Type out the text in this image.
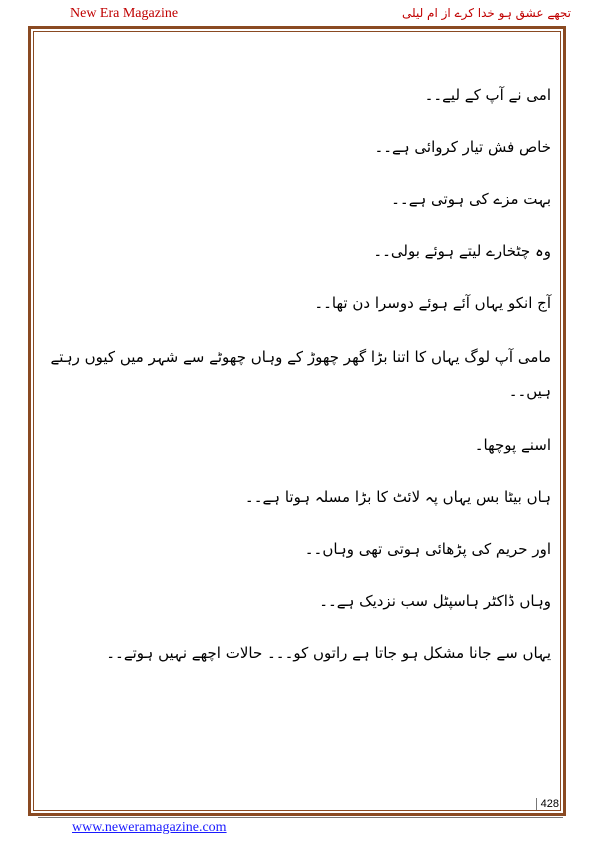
New Era Magazine	تجھے عشق ہو خدا کرے از ام لیلی

امی نے آپ کے لیے۔۔

خاص فش تیار کروائی ہے۔۔

بہت مزے کی ہوتی ہے۔۔

وہ چٹخارے لیتے ہوئے بولی۔۔

آج انکو یہاں آئے ہوئے دوسرا دن تھا۔۔

مامی آپ لوگ یہاں کا اتنا بڑا گھر چھوڑ کے وہاں چھوٹے سے شہر میں کیوں رہتے ہیں۔۔

اسنے پوچھا۔

ہاں بیٹا بس یہاں پہ لائٹ کا بڑا مسلہ ہوتا ہے۔۔

اور حریم کی پڑھائی ہوتی تھی وہاں۔۔

وہاں ڈاکٹر ہاسپٹل سب نزدیک ہے۔۔

یہاں سے جانا مشکل ہو جاتا ہے راتوں کو۔۔۔ حالات اچھے نہیں ہوتے۔۔

428
www.neweramagazine.com
